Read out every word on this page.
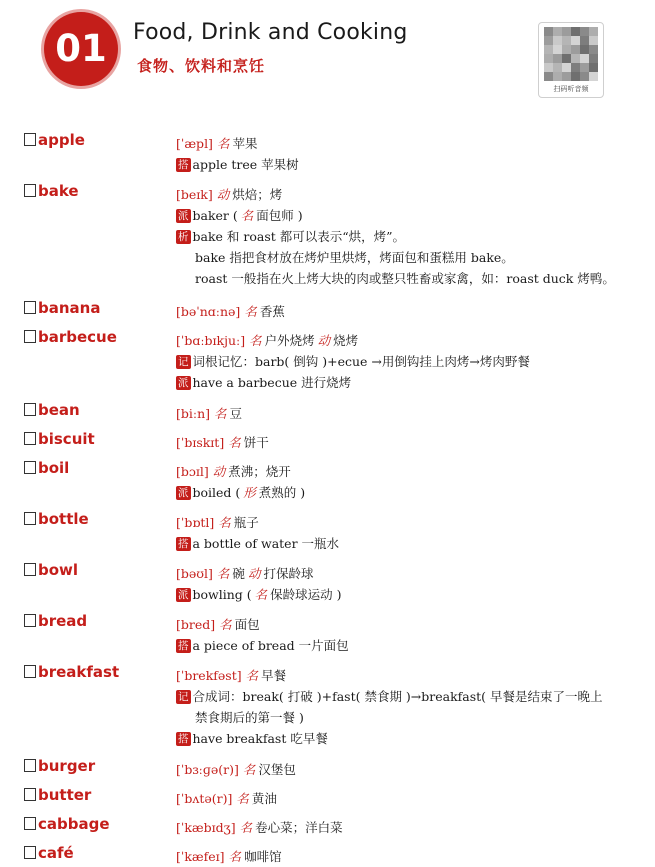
01	Food, Drink and Cooking
食物、饮料和烹饪
扫码听音频
apple	[ˈæpl] 名 苹果
搭 apple tree 苹果树
bake	[beɪk] 动 烘焙；烤
派 baker ( 名 面包师 )
析 bake 和 roast 都可以表示“烘，烤”。
bake 指把食材放在烤炉里烘烤，烤面包和蛋糕用 bake。
roast 一般指在火上烤大块的肉或整只牲畜或家禽，如：roast duck 烤鸭。
banana	[bəˈnɑːnə] 名 香蕉
barbecue	[ˈbɑːbɪkjuː] 名 户外烧烤 动 烧烤
记 词根记忆：barb( 倒钩 )+ecue →用倒钩挂上肉烤→烤肉野餐
派 have a barbecue 进行烧烤
bean	[biːn] 名 豆
biscuit	[ˈbɪskɪt] 名 饼干
boil	[bɔɪl] 动 煮沸；烧开
派 boiled ( 形 煮熟的 )
bottle	[ˈbɒtl] 名 瓶子
搭 a bottle of water 一瓶水
bowl	[bəʊl] 名 碗 动 打保龄球
派 bowling ( 名 保龄球运动 )
bread	[bred] 名 面包
搭 a piece of bread 一片面包
breakfast	[ˈbrekfəst] 名 早餐
记 合成词：break( 打破 )+fast( 禁食期 )→breakfast( 早餐是结束了一晚上
禁食期后的第一餐 )
搭 have breakfast 吃早餐
burger	[ˈbɜːɡə(r)] 名 汉堡包
butter	[ˈbʌtə(r)] 名 黄油
cabbage	[ˈkæbɪdʒ] 名 卷心菜；洋白菜
café	[ˈkæfeɪ] 名 咖啡馆
